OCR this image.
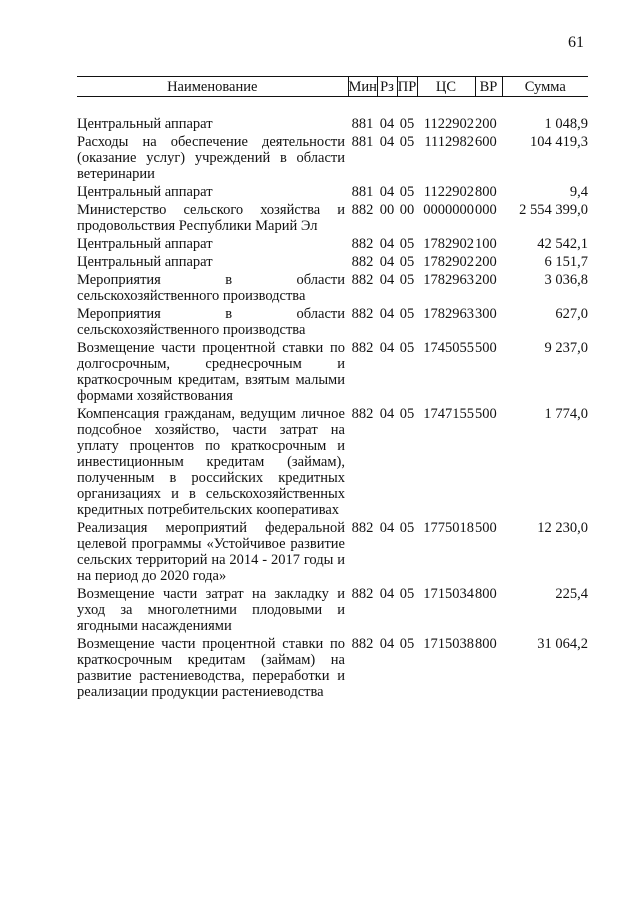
61
Наименование	Мин	Рз	ПР	ЦС	ВР	Сумма

Центральный аппарат	881	04	05	1122902	200	1 048,9
Расходы на обеспечение деятельности (оказание услуг) учреждений в области ветеринарии	881	04	05	1112982	600	104 419,3
Центральный аппарат	881	04	05	1122902	800	9,4
Министерство сельского хозяйства и продовольствия Республики Марий Эл	882	00	00	0000000	000	2 554 399,0
Центральный аппарат	882	04	05	1782902	100	42 542,1
Центральный аппарат	882	04	05	1782902	200	6 151,7
Мероприятия в области сельскохозяйственного производства	882	04	05	1782963	200	3 036,8
Мероприятия в области сельскохозяйственного производства	882	04	05	1782963	300	627,0
Возмещение части процентной ставки по долгосрочным, среднесрочным и краткосрочным кредитам, взятым малыми формами хозяйствования	882	04	05	1745055	500	9 237,0
Компенсация гражданам, ведущим личное подсобное хозяйство, части затрат на уплату процентов по краткосрочным и инвестиционным кредитам (займам), полученным в российских кредитных организациях и в сельскохозяйственных кредитных потребительских кооперативах	882	04	05	1747155	500	1 774,0
Реализация мероприятий федеральной целевой программы «Устойчивое развитие сельских территорий на 2014 - 2017 годы и на период до 2020 года»	882	04	05	1775018	500	12 230,0
Возмещение части затрат на закладку и уход за многолетними плодовыми и ягодными насаждениями	882	04	05	1715034	800	225,4
Возмещение части процентной ставки по краткосрочным кредитам (займам) на развитие растениеводства, переработки и реализации продукции растениеводства	882	04	05	1715038	800	31 064,2
